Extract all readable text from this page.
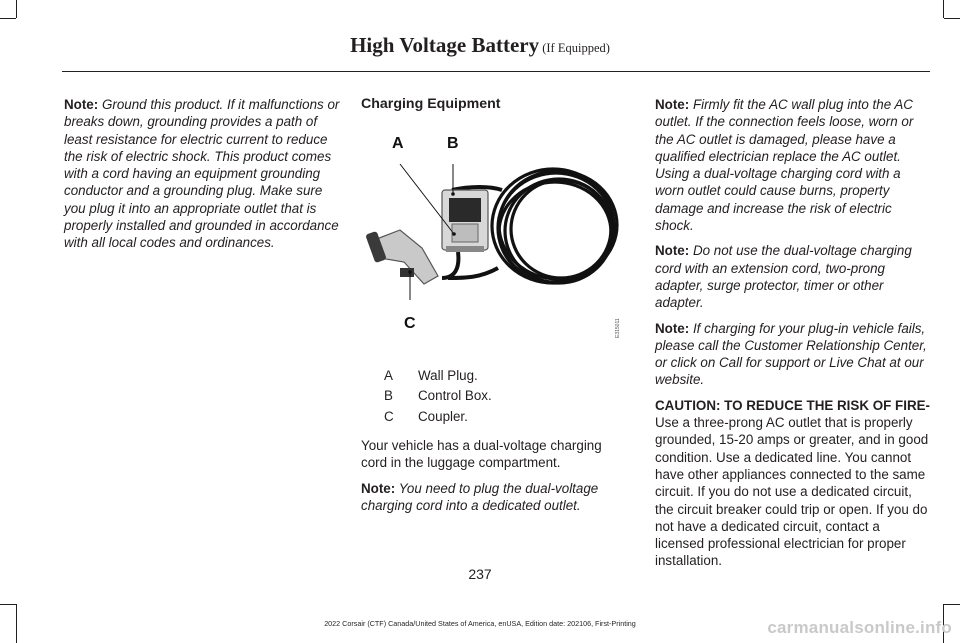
High Voltage Battery (If Equipped)

Note: Ground this product. If it malfunctions or breaks down, grounding provides a path of least resistance for electric current to reduce the risk of electric shock. This product comes with a cord having an equipment grounding conductor and a grounding plug. Make sure you plug it into an appropriate outlet that is properly installed and grounded in accordance with all local codes and ordinances.

Charging Equipment

A	B
C	E315011
A	Wall Plug.
B	Control Box.
C	Coupler.

Your vehicle has a dual-voltage charging cord in the luggage compartment.

Note: You need to plug the dual-voltage charging cord into a dedicated outlet.

Note: Firmly fit the AC wall plug into the AC outlet. If the connection feels loose, worn or the AC outlet is damaged, please have a qualified electrician replace the AC outlet. Using a dual-voltage charging cord with a worn outlet could cause burns, property damage and increase the risk of electric shock.

Note: Do not use the dual-voltage charging cord with an extension cord, two-prong adapter, surge protector, timer or other adapter.

Note: If charging for your plug-in vehicle fails, please call the Customer Relationship Center, or click on Call for support or Live Chat at our website.

CAUTION: TO REDUCE THE RISK OF FIRE-
Use a three-prong AC outlet that is properly grounded, 15-20 amps or greater, and in good condition. Use a dedicated line. You cannot have other appliances connected to the same circuit. If you do not use a dedicated circuit, the circuit breaker could trip or open. If you do not have a dedicated circuit, contact a licensed professional electrician for proper installation.

237
2022 Corsair (CTF) Canada/United States of America, enUSA, Edition date: 202106, First-Printing	carmanualsonline.info
